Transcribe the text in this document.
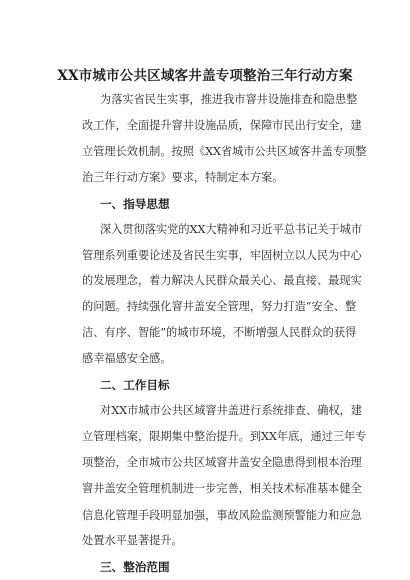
XX市城市公共区域客井盖专项整治三年行动方案
为落实省民生实事，推进我市窨井设施排查和隐患整
改工作，全面提升窨井设施品质，保障市民出行安全，建
立管理长效机制。按照《XX省城市公共区域客井盖专项整
治三年行动方案》要求，特制定本方案。
一、指导思想
深入贯彻落实党的XX大精神和习近平总书记关于城市
管理系列重要论述及省民生实事，牢固树立以人民为中心
的发展理念，着力解决人民群众最关心、最直接、最现实
的问题。持续强化窨井盖安全管理，努力打造“安全、整
洁、有序、智能”的城市环境，不断增强人民群众的获得
感幸福感安全感。
二、工作目标
对XX市城市公共区域窨井盖进行系统排查、确权，建
立管理档案，限期集中整治提升。到XX年底，通过三年专
项整治，全市城市公共区域窨井盖安全隐患得到根本治理
窨井盖安全管理机制进一步完善，相关技术标准基本健全
信息化管理手段明显加强，事故风险监测预警能力和应急
处置水平显著提升。
三、整治范围
